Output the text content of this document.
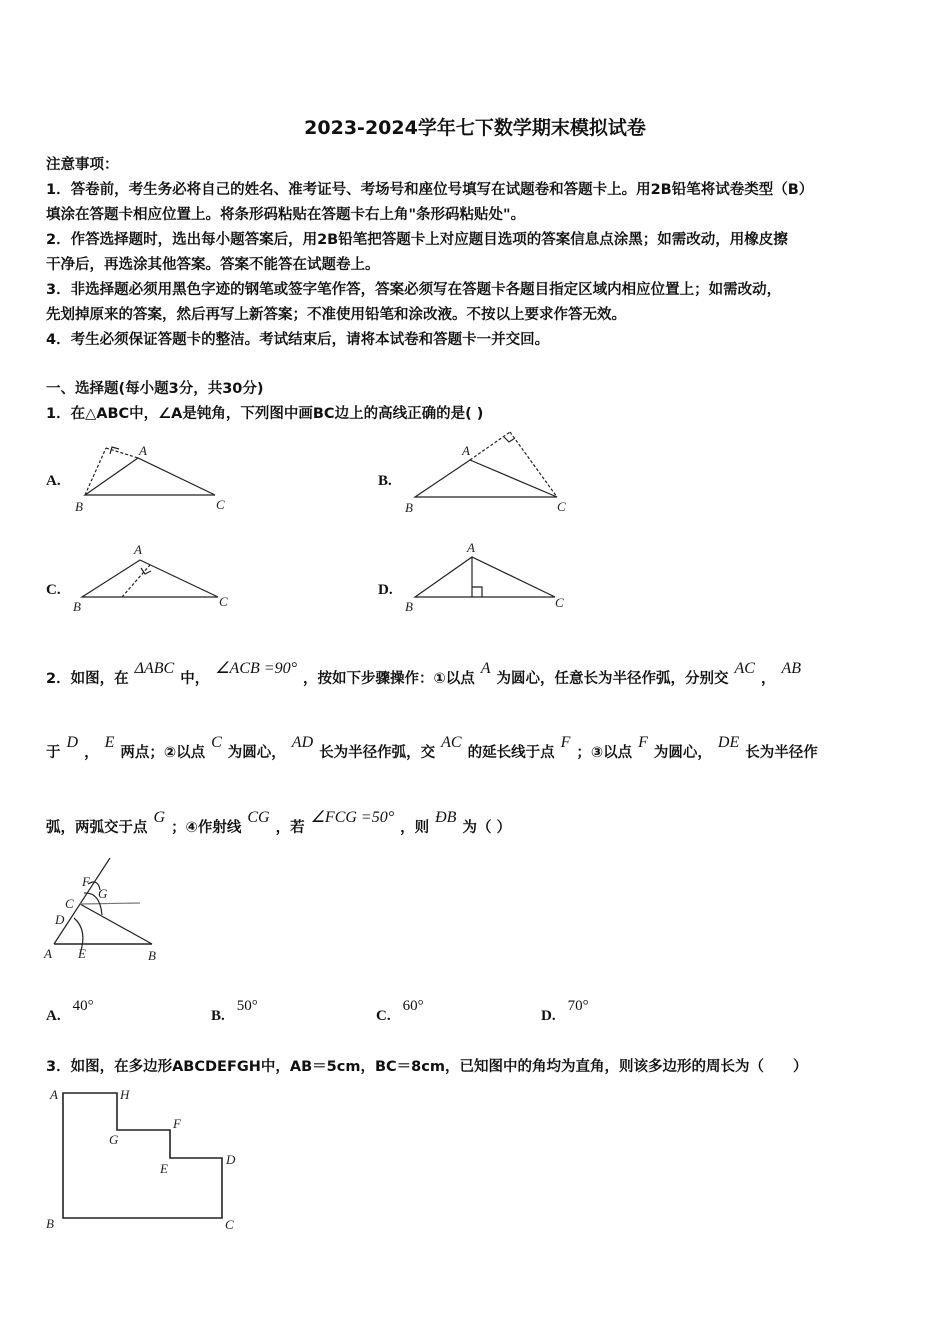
2023-2024学年七下数学期末模拟试卷
注意事项：
1．答卷前，考生务必将自己的姓名、准考证号、考场号和座位号填写在试题卷和答题卡上。用2B铅笔将试卷类型（B）
填涂在答题卡相应位置上。将条形码粘贴在答题卡右上角"条形码粘贴处"。
2．作答选择题时，选出每小题答案后，用2B铅笔把答题卡上对应题目选项的答案信息点涂黑；如需改动，用橡皮擦
干净后，再选涂其他答案。答案不能答在试题卷上。
3．非选择题必须用黑色字迹的钢笔或签字笔作答，答案必须写在答题卡各题目指定区域内相应位置上；如需改动，
先划掉原来的答案，然后再写上新答案；不准使用铅笔和涂改液。不按以上要求作答无效。
4．考生必须保证答题卡的整洁。考试结束后，请将本试卷和答题卡一并交回。
一、选择题(每小题3分，共30分)
1．在△ABC中，∠A是钝角，下列图中画BC边上的高线正确的是( )
A.	B.
C.	D.
2．如图，在ΔABC中，∠ACB =90°，按如下步骤操作：①以点A为圆心，任意长为半径作弧，分别交AC，AB
于D，E两点；②以点C为圆心，AD长为半径作弧，交AC的延长线于点F；③以点F为圆心，DE长为半径作
弧，两弧交于点G；④作射线CG，若∠FCG =50°，则ÐB为（ ）
A.40°
B.50°
C.60°
D.70°
3．如图，在多边形ABCDEFGH中，AB＝5cm，BC＝8cm，已知图中的角均为直角，则该多边形的周长为（　　）
B	C
A
B	C
A
B	C
A
B	C
A
A E	B
D
C
F
G
A	H
G
F
E
D
B	C
